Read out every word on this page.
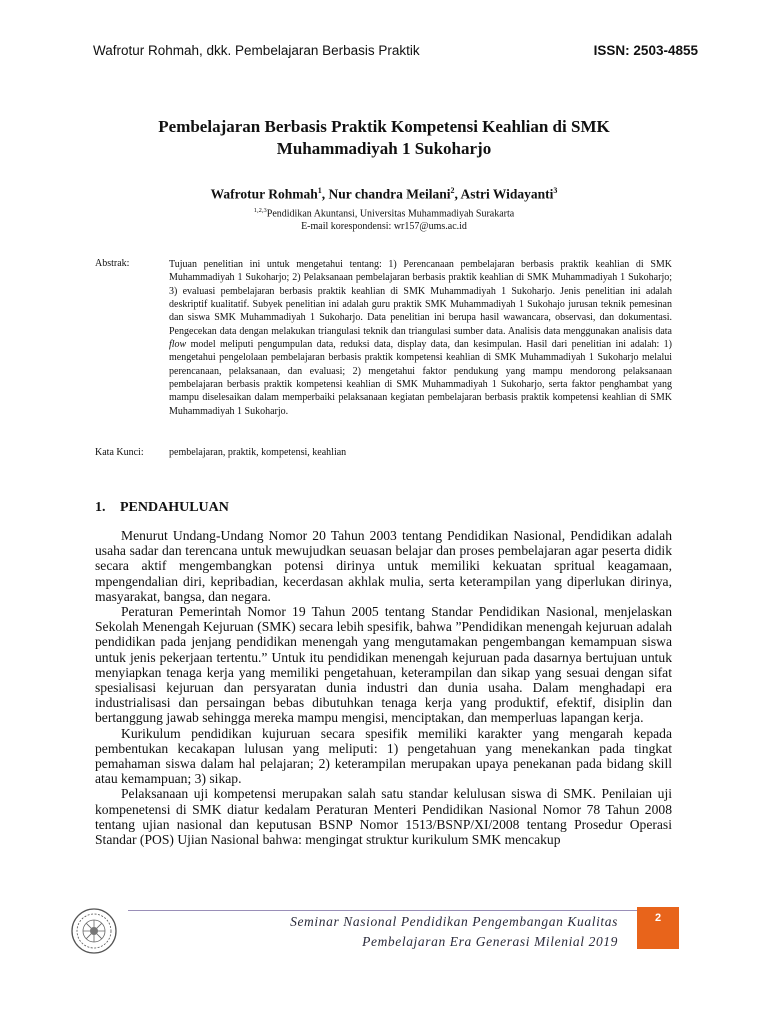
Wafrotur Rohmah, dkk. Pembelajaran Berbasis Praktik	ISSN: 2503-4855
Pembelajaran Berbasis Praktik Kompetensi Keahlian di SMK
Muhammadiyah 1 Sukoharjo
Wafrotur Rohmah$^1$, Nur chandra Meilani$^2$, Astri Widayanti$^3$
$^{1,2,3}$Pendidikan Akuntansi, Universitas Muhammadiyah Surakarta
E-mail korespondensi: wr157@ums.ac.id
Abstrak:	Tujuan penelitian ini untuk mengetahui tentang: 1) Perencanaan pembelajaran berbasis praktik keahlian di SMK Muhammadiyah 1 Sukoharjo; 2) Pelaksanaan pembelajaran berbasis praktik keahlian di SMK Muhammadiyah 1 Sukoharjo; 3) evaluasi pembelajaran berbasis praktik keahlian di SMK Muhammadiyah 1 Sukoharjo. Jenis penelitian ini adalah deskriptif kualitatif. Subyek penelitian ini adalah guru praktik SMK Muhammadiyah 1 Sukohajo jurusan teknik pemesinan dan siswa SMK Muhammadiyah 1 Sukoharjo. Data penelitian ini berupa hasil wawancara, observasi, dan dokumentasi. Pengecekan data dengan melakukan triangulasi teknik dan triangulasi sumber data. Analisis data menggunakan analisis data flow model meliputi pengumpulan data, reduksi data, display data, dan kesimpulan. Hasil dari penelitian ini adalah: 1) mengetahui pengelolaan pembelajaran berbasis praktik kompetensi keahlian di SMK Muhammadiyah 1 Sukoharjo melalui perencanaan, pelaksanaan, dan evaluasi; 2) mengetahui faktor pendukung yang mampu mendorong pelaksanaan pembelajaran berbasis praktik kompetensi keahlian di SMK Muhammadiyah 1 Sukoharjo, serta faktor penghambat yang mampu diselesaikan dalam memperbaiki pelaksanaan kegiatan pembelajaran berbasis praktik kompetensi keahlian di SMK Muhammadiyah 1 Sukoharjo.
Kata Kunci:	pembelajaran, praktik, kompetensi, keahlian
1. PENDAHULUAN

Menurut Undang-Undang Nomor 20 Tahun 2003 tentang Pendidikan Nasional, Pendidikan adalah usaha sadar dan terencana untuk mewujudkan seuasan belajar dan proses pembelajaran agar peserta didik secara aktif mengembangkan potensi dirinya untuk memiliki kekuatan spritual keagamaan, mpengendalian diri, kepribadian, kecerdasan akhlak mulia, serta keterampilan yang diperlukan dirinya, masyarakat, bangsa, dan negara.

Peraturan Pemerintah Nomor 19 Tahun 2005 tentang Standar Pendidikan Nasional, menjelaskan Sekolah Menengah Kejuruan (SMK) secara lebih spesifik, bahwa ”Pendidikan menengah kejuruan adalah pendidikan pada jenjang pendidikan menengah yang mengutamakan pengembangan kemampuan siswa untuk jenis pekerjaan tertentu.” Untuk itu pendidikan menengah kejuruan pada dasarnya bertujuan untuk menyiapkan tenaga kerja yang memiliki pengetahuan, keterampilan dan sikap yang sesuai dengan sifat spesialisasi kejuruan dan persyaratan dunia industri dan dunia usaha. Dalam menghadapi era industrialisasi dan persaingan bebas dibutuhkan tenaga kerja yang produktif, efektif, disiplin dan bertanggung jawab sehingga mereka mampu mengisi, menciptakan, dan memperluas lapangan kerja.

Kurikulum pendidikan kujuruan secara spesifik memiliki karakter yang mengarah kepada pembentukan kecakapan lulusan yang meliputi: 1) pengetahuan yang menekankan pada tingkat pemahaman siswa dalam hal pelajaran; 2) keterampilan merupakan upaya penekanan pada bidang skill atau kemampuan; 3) sikap.

Pelaksanaan uji kompetensi merupakan salah satu standar kelulusan siswa di SMK. Penilaian uji kompenetensi di SMK diatur kedalam Peraturan Menteri Pendidikan Nasional Nomor 78 Tahun 2008 tentang ujian nasional dan keputusan BSNP Nomor 1513/BSNP/XI/2008 tentang Prosedur Operasi Standar (POS) Ujian Nasional bahwa: mengingat struktur kurikulum SMK mencakup

Seminar Nasional Pendidikan Pengembangan Kualitas
Pembelajaran Era Generasi Milenial 2019
2
